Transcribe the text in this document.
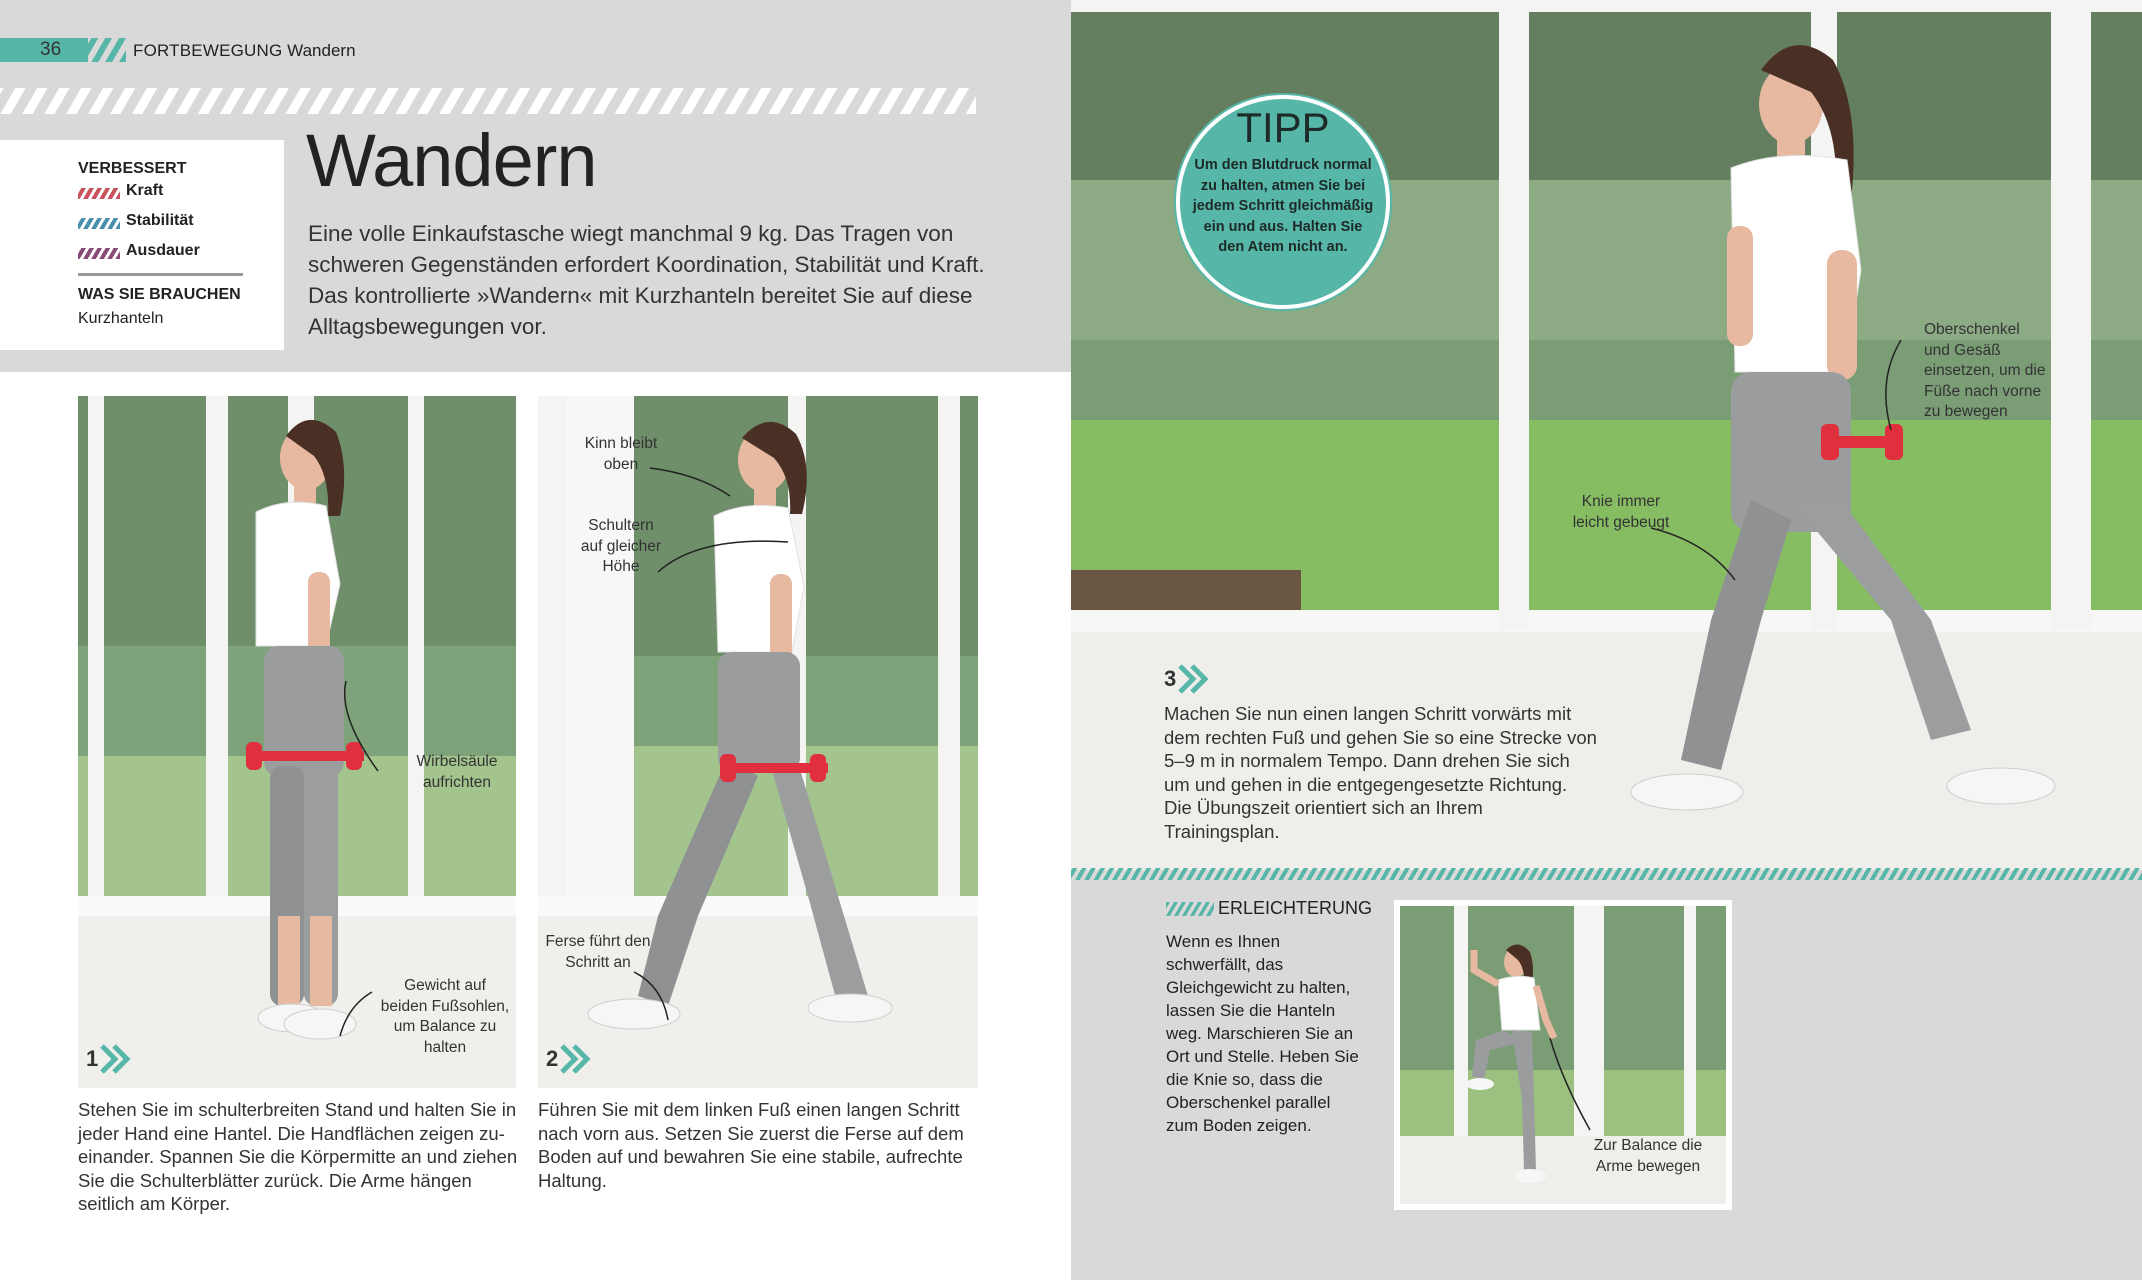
36	FORTBEWEGUNG Wandern
VERBESSERT
Kraft
Stabilität
Ausdauer
WAS SIE BRAUCHEN
Kurzhanteln
Wandern
Eine volle Einkaufstasche wiegt manchmal 9 kg. Das Tragen von schweren Gegenständen erfordert Koordination, Stabilität und Kraft. Das kontrollierte »Wandern« mit Kurzhanteln bereitet Sie auf diese Alltagsbewegungen vor.
Wirbelsäule aufrichten
Gewicht auf beiden Fußsohlen, um Balance zu halten
1
Stehen Sie im schulterbreiten Stand und halten Sie in jeder Hand eine Hantel. Die Handflächen zeigen zu-einander. Spannen Sie die Körpermitte an und ziehen Sie die Schulterblätter zurück. Die Arme hängen seitlich am Körper.
Kinn bleibt oben
Schultern auf gleicher Höhe
Ferse führt den Schritt an
2
Führen Sie mit dem linken Fuß einen langen Schritt nach vorn aus. Setzen Sie zuerst die Ferse auf dem Boden auf und bewahren Sie eine stabile, aufrechte Haltung.
Oberschenkel und Gesäß einsetzen, um die Füße nach vorne zu bewegen
Knie immer leicht gebeugt
TIPP
Um den Blutdruck normal zu halten, atmen Sie bei jedem Schritt gleichmäßig ein und aus. Halten Sie den Atem nicht an.
3
Machen Sie nun einen langen Schritt vorwärts mit dem rechten Fuß und gehen Sie so eine Strecke von 5–9 m in normalem Tempo. Dann drehen Sie sich um und gehen in die entgegengesetzte Richtung. Die Übungszeit orientiert sich an Ihrem Trainingsplan.
ERLEICHTERUNG
Wenn es Ihnen schwerfällt, das Gleichgewicht zu halten, lassen Sie die Hanteln weg. Marschieren Sie an Ort und Stelle. Heben Sie die Knie so, dass die Oberschenkel parallel zum Boden zeigen.
Zur Balance die Arme bewegen
